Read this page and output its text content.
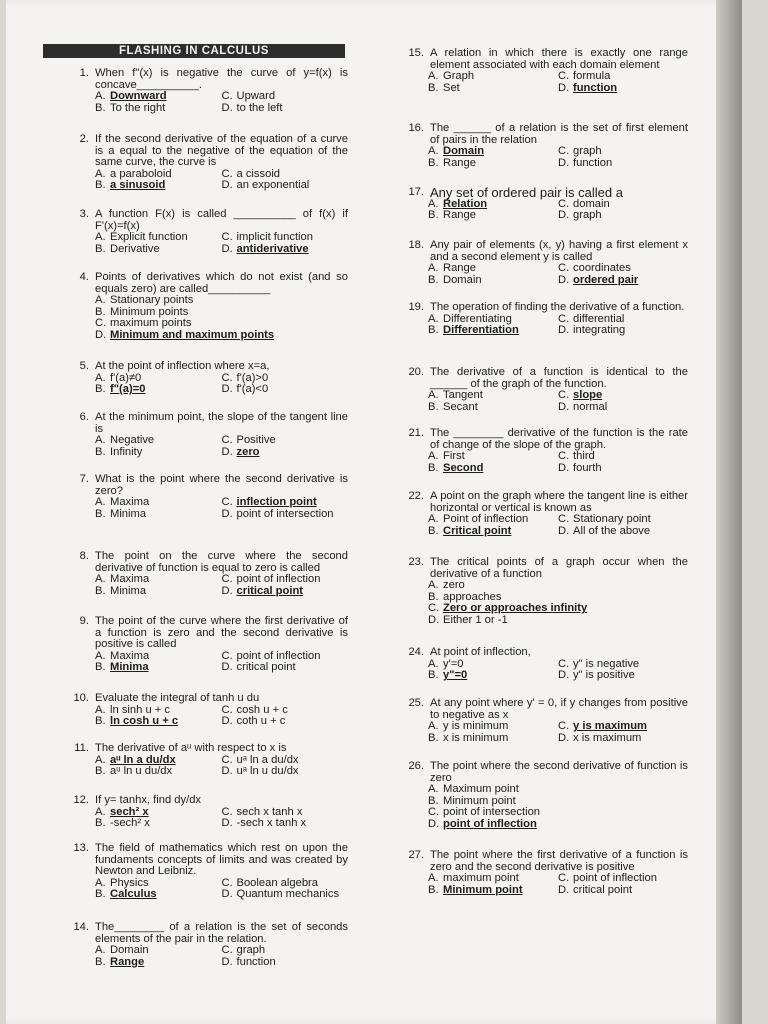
FLASHING IN CALCULUS
1. When f"(x) is negative the curve of y=f(x) is concave__________.
A. Downward	C. Upward
B. To the right	D. to the left
2. If the second derivative of the equation of a curve is a equal to the negative of the equation of the same curve, the curve is
A. a paraboloid	C. a cissoid
B. a sinusoid	D. an exponential
3. A function F(x) is called __________ of f(x) if F'(x)=f(x)
A. Explicit function	C. implicit function
B. Derivative	D. antiderivative
4. Points of derivatives which do not exist (and so equals zero) are called__________
A. Stationary points
B. Minimum points
C. maximum points
D. Minimum and maximum points
5. At the point of inflection where x=a,
A. f'(a)≠0	C. f'(a)>0
B. f"(a)=0	D. f'(a)<0
6. At the minimum point, the slope of the tangent line is
A. Negative	C. Positive
B. Infinity	D. zero
7. What is the point where the second derivative is zero?
A. Maxima	C. inflection point
B. Minima	D. point of intersection
8. The point on the curve where the second derivative of function is equal to zero is called
A. Maxima	C. point of inflection
B. Minima	D. critical point
9. The point of the curve where the first derivative of a function is zero and the second derivative is positive is called
A. Maxima	C. point of inflection
B. Minima	D. critical point
10. Evaluate the integral of tanh u du
A. ln sinh u + c	C. cosh u + c
B. ln cosh u + c	D. coth u + c
11. The derivative of aᵘ with respect to x is
A. aᵘ ln a du/dx	C. uᵃ ln a du/dx
B. aᵘ ln u du/dx	D. uᵃ ln u du/dx
12. If y= tanhx, find dy/dx
A. sech² x	C. sech x tanh x
B. -sech² x	D. -sech x tanh x
13. The field of mathematics which rest on upon the fundaments concepts of limits and was created by Newton and Leibniz.
A. Physics	C. Boolean algebra
B. Calculus	D. Quantum mechanics
14. The________ of a relation is the set of seconds elements of the pair in the relation.
A. Domain	C. graph
B. Range	D. function
15. A relation in which there is exactly one range element associated with each domain element
A. Graph	C. formula
B. Set	D. function
16. The ______ of a relation is the set of first element of pairs in the relation
A. Domain	C. graph
B. Range	D. function
17. Any set of ordered pair is called a
A. Relation	C. domain
B. Range	D. graph
18. Any pair of elements (x, y) having a first element x and a second element y is called
A. Range	C. coordinates
B. Domain	D. ordered pair
19. The operation of finding the derivative of a function.
A. Differentiating	C. differential
B. Differentiation	D. integrating
20. The derivative of a function is identical to the ______ of the graph of the function.
A. Tangent	C. slope
B. Secant	D. normal
21. The ________ derivative of the function is the rate of change of the slope of the graph.
A. First	C. third
B. Second	D. fourth
22. A point on the graph where the tangent line is either horizontal or vertical is known as
A. Point of inflection	C. Stationary point
B. Critical point	D. All of the above
23. The critical points of a graph occur when the derivative of a function
A. zero
B. approaches
C. Zero or approaches infinity
D. Either 1 or -1
24. At point of inflection,
A. y'=0	C. y" is negative
B. y"=0	D. y" is positive
25. At any point where y' = 0, if y changes from positive to negative as x
A. y is minimum	C. y is maximum
B. x is minimum	D. x is maximum
26. The point where the second derivative of function is zero
A. Maximum point
B. Minimum point
C. point of intersection
D. point of inflection
27. The point where the first derivative of a function is zero and the second derivative is positive
A. maximum point	C. point of inflection
B. Minimum point	D. critical point
